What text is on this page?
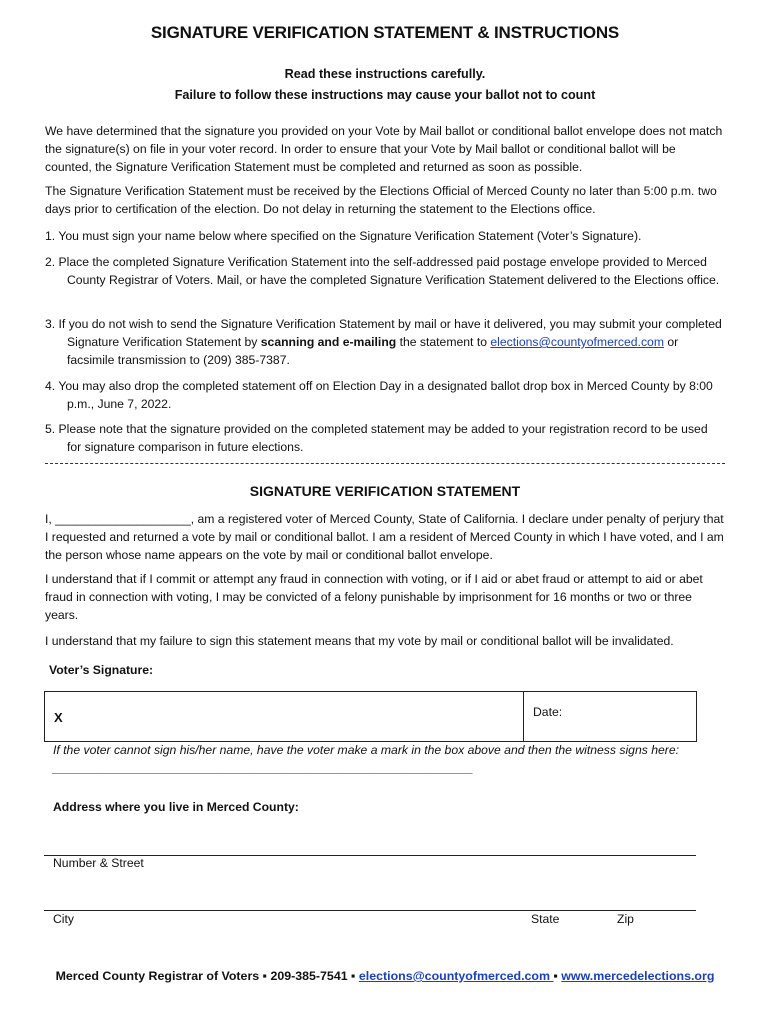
SIGNATURE VERIFICATION STATEMENT & INSTRUCTIONS
Read these instructions carefully.
Failure to follow these instructions may cause your ballot not to count

We have determined that the signature you provided on your Vote by Mail ballot or conditional ballot envelope does not match the signature(s) on file in your voter record. In order to ensure that your Vote by Mail ballot or conditional ballot will be counted, the Signature Verification Statement must be completed and returned as soon as possible.

The Signature Verification Statement must be received by the Elections Official of Merced County no later than 5:00 p.m. two days prior to certification of the election. Do not delay in returning the statement to the Elections office.

1. You must sign your name below where specified on the Signature Verification Statement (Voter’s Signature).
2. Place the completed Signature Verification Statement into the self-addressed paid postage envelope provided to Merced County Registrar of Voters. Mail, or have the completed Signature Verification Statement delivered to the Elections office.
3. If you do not wish to send the Signature Verification Statement by mail or have it delivered, you may submit your completed Signature Verification Statement by scanning and e-mailing the statement to elections@countyofmerced.com or facsimile transmission to (209) 385-7387.
4. You may also drop the completed statement off on Election Day in a designated ballot drop box in Merced County by 8:00 p.m., June 7, 2022.
5. Please note that the signature provided on the completed statement may be added to your registration record to be used for signature comparison in future elections.
SIGNATURE VERIFICATION STATEMENT

I, ____________________, am a registered voter of Merced County, State of California. I declare under penalty of perjury that I requested and returned a vote by mail or conditional ballot. I am a resident of Merced County in which I have voted, and I am the person whose name appears on the vote by mail or conditional ballot envelope.

I understand that if I commit or attempt any fraud in connection with voting, or if I aid or abet fraud or attempt to aid or abet fraud in connection with voting, I may be convicted of a felony punishable by imprisonment for 16 months or two or three years.

I understand that my failure to sign this statement means that my vote by mail or conditional ballot will be invalidated.

Voter’s Signature:
X	Date:

If the voter cannot sign his/her name, have the voter make a mark in the box above and then the witness signs here: ______________________________________________________________

Address where you live in Merced County:
Number & Street
City	State	Zip
Merced County Registrar of Voters ▪ 209-385-7541 ▪ elections@countyofmerced.com ▪ www.mercedelections.org
